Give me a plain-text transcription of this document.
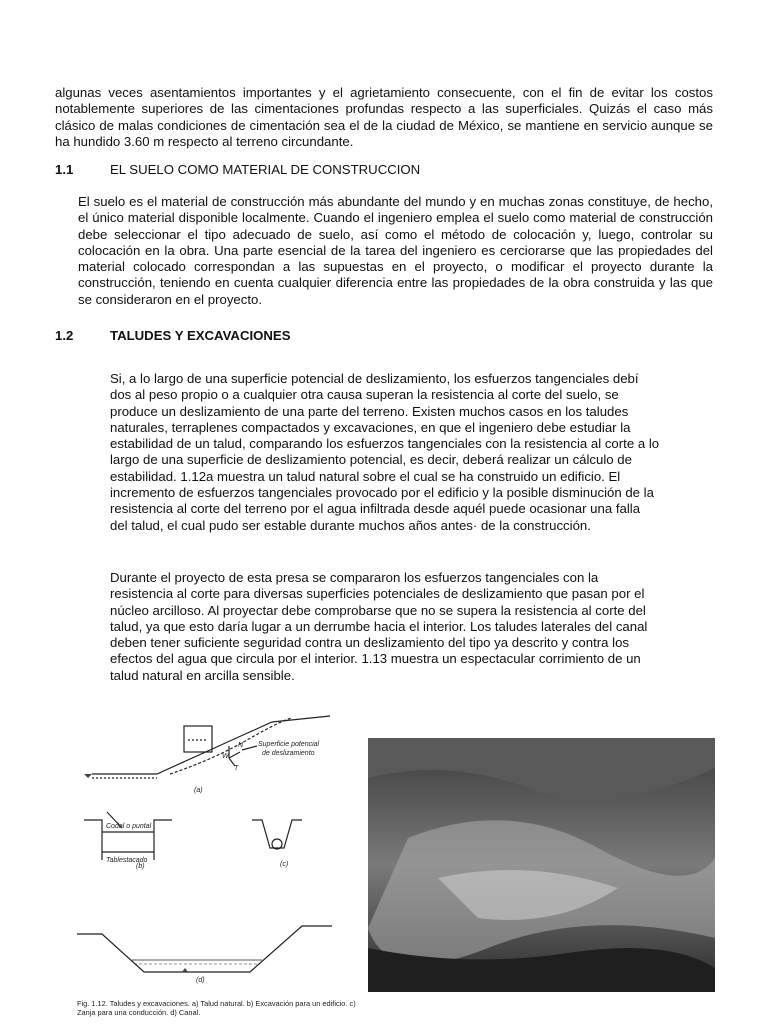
algunas veces asentamientos importantes y el agrietamiento consecuente, con el fin de evitar los costos notablemente superiores de las cimentaciones profundas respecto a las superficiales. Quizás el caso más clásico de malas condiciones de cimentación sea el de la ciudad de México, se mantiene en servicio aunque se ha hundido 3.60 m respecto al terreno circundante.
1.1	EL SUELO COMO MATERIAL DE CONSTRUCCION
El suelo es el material de construcción más abundante del mundo y en muchas zonas constituye, de hecho, el único material disponible localmente. Cuando el ingeniero emplea el suelo como material de construcción debe seleccionar el tipo adecuado de suelo, así como el método de colocación y, luego, controlar su colocación en la obra. Una parte esencial de la tarea del ingeniero es cerciorarse que las propiedades del material colocado correspondan a las supuestas en el proyecto, o modificar el proyecto durante la construcción, teniendo en cuenta cualquier diferencia entre las propiedades de la obra construida y las que se consideraron en el proyecto.
1.2	TALUDES Y EXCAVACIONES
Si, a lo largo de una superficie potencial de deslizamiento, los esfuerzos tangenciales debí dos al peso propio o a cualquier otra causa superan la resistencia al corte del suelo, se produce un deslizamiento de una parte del terreno. Existen muchos casos en los taludes naturales, terraplenes compactados y excavaciones, en que el ingeniero debe estudiar la estabilidad de un talud, comparando los esfuerzos tangenciales con la resistencia al corte a lo largo de una superficie de deslizamiento potencial, es decir, deberá realizar un cálculo de estabilidad. 1.12a muestra un talud natural sobre el cual se ha construido un edificio. El incremento de esfuerzos tangenciales provocado por el edificio y la posible disminución de la resistencia al corte del terreno por el agua infiltrada desde aquél puede ocasionar una falla del talud, el cual pudo ser estable durante muchos años antes· de la construcción.
Durante el proyecto de esta presa se compararon los esfuerzos tangenciales con la resistencia al corte para diversas superficies potenciales de deslizamiento que pasan por el núcleo arcilloso. Al proyectar debe comprobarse que no se supera la resistencia al corte del talud, ya que esto daría lugar a un derrumbe hacia el interior. Los taludes laterales del canal deben tener suficiente seguridad contra un deslizamiento del tipo ya descrito y contra los efectos del agua que circula por el interior. 1.13 muestra un espectacular corrimiento de un talud natural en arcilla sensible.
Superficie potencial
de deslizamiento
W
N
T
(a)
Codal o puntal
Tablestacado
(b)	(c)
(d)
Fig. 1.12. Taludes y excavaciones. a) Talud natural. b) Excavación para un edificio. c) Zanja para una conducción. d) Canal.
Fig. 1.13. Deslizamiento en arcilla marina muy sensible (quick clay) (cortesía de Laurits Bjerrum).
